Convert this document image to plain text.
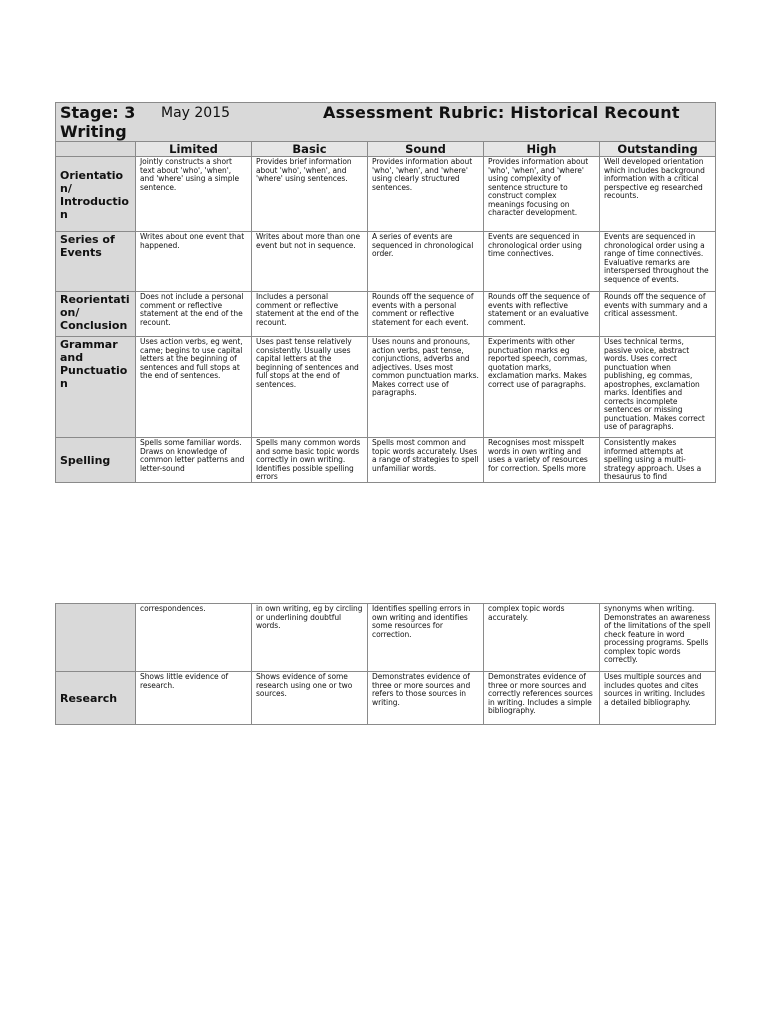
Stage: 3 May 2015 Assessment Rubric: Historical Recount
Writing					

	Limited	Basic	Sound	High	Outstanding
Orientatio n/ Introductio n	Jointly constructs a short text about 'who', 'when', and 'where' using a simple sentence.	Provides brief information about 'who', 'when', and 'where' using sentences.	Provides information about 'who', 'when', and 'where' using clearly structured sentences.	Provides information about 'who', 'when', and 'where' using complexity of sentence structure to construct complex meanings focusing on character development.	Well developed orientation which includes background information with a critical perspective eg researched recounts.
Series of Events	Writes about one event that happened.	Writes about more than one event but not in sequence.	A series of events are sequenced in chronological order.	Events are sequenced in chronological order using time connectives.	Events are sequenced in chronological order using a range of time connectives. Evaluative remarks are interspersed throughout the sequence of events.
Reorientati on/ Conclusion	Does not include a personal comment or reflective statement at the end of the recount.	Includes a personal comment or reflective statement at the end of the recount.	Rounds off the sequence of events with a personal comment or reflective statement for each event.	Rounds off the sequence of events with reflective statement or an evaluative comment.	Rounds off the sequence of events with summary and a critical assessment.
Grammar and Punctuatio n	Uses action verbs, eg went, came; begins to use capital letters at the beginning of sentences and full stops at the end of sentences.	Uses past tense relatively consistently. Usually uses capital letters at the beginning of sentences and full stops at the end of sentences.	Uses nouns and pronouns, action verbs, past tense, conjunctions, adverbs and adjectives. Uses most common punctuation marks. Makes correct use of paragraphs.	Experiments with other punctuation marks eg reported speech, commas, quotation marks, exclamation marks. Makes correct use of paragraphs.	Uses technical terms, passive voice, abstract words. Uses correct punctuation when publishing, eg commas, apostrophes, exclamation marks. Identifies and corrects incomplete sentences or missing punctuation. Makes correct use of paragraphs.
Spelling	Spells some familiar words. Draws on knowledge of common letter patterns and letter-sound	Spells many common words and some basic topic words correctly in own writing. Identifies possible spelling errors	Spells most common and topic words accurately. Uses a range of strategies to spell unfamiliar words.	Recognises most misspelt words in own writing and uses a variety of resources for correction. Spells more	Consistently makes informed attempts at spelling using a multi-strategy approach. Uses a thesaurus to find
	correspondences.	in own writing, eg by circling or underlining doubtful words.	Identifies spelling errors in own writing and identifies some resources for correction.	complex topic words accurately.	synonyms when writing. Demonstrates an awareness of the limitations of the spell check feature in word processing programs. Spells complex topic words correctly.
Research	Shows little evidence of research.	Shows evidence of some research using one or two sources.	Demonstrates evidence of three or more sources and refers to those sources in writing.	Demonstrates evidence of three or more sources and correctly references sources in writing. Includes a simple bibliography.	Uses multiple sources and includes quotes and cites sources in writing. Includes a detailed bibliography.
